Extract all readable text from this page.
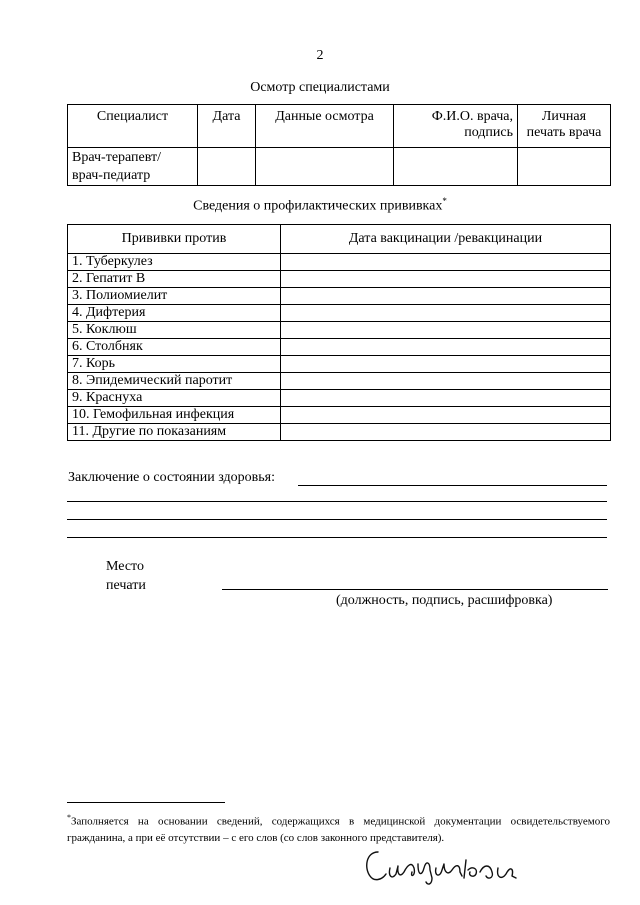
2
Осмотр специалистами
Специалист	Дата	Данные осмотра	Ф.И.О. врача, подпись	Личная печать врача
Врач-терапевт/ врач-педиатр				
Сведения о профилактических прививках*
Прививки против	Дата вакцинации /ревакцинации
1. Туберкулез	
2. Гепатит В	
3. Полиомиелит	
4. Дифтерия	
5. Коклюш	
6. Столбняк	
7. Корь	
8. Эпидемический паротит	
9. Краснуха	
10. Гемофильная инфекция	
11. Другие по показаниям	
Заключение о состоянии здоровья:
Место
печати
(должность, подпись, расшифровка)
*Заполняется на основании сведений, содержащихся в медицинской документации освидетельствуемого гражданина, а при её отсутствии – с его слов (со слов законного представителя).
